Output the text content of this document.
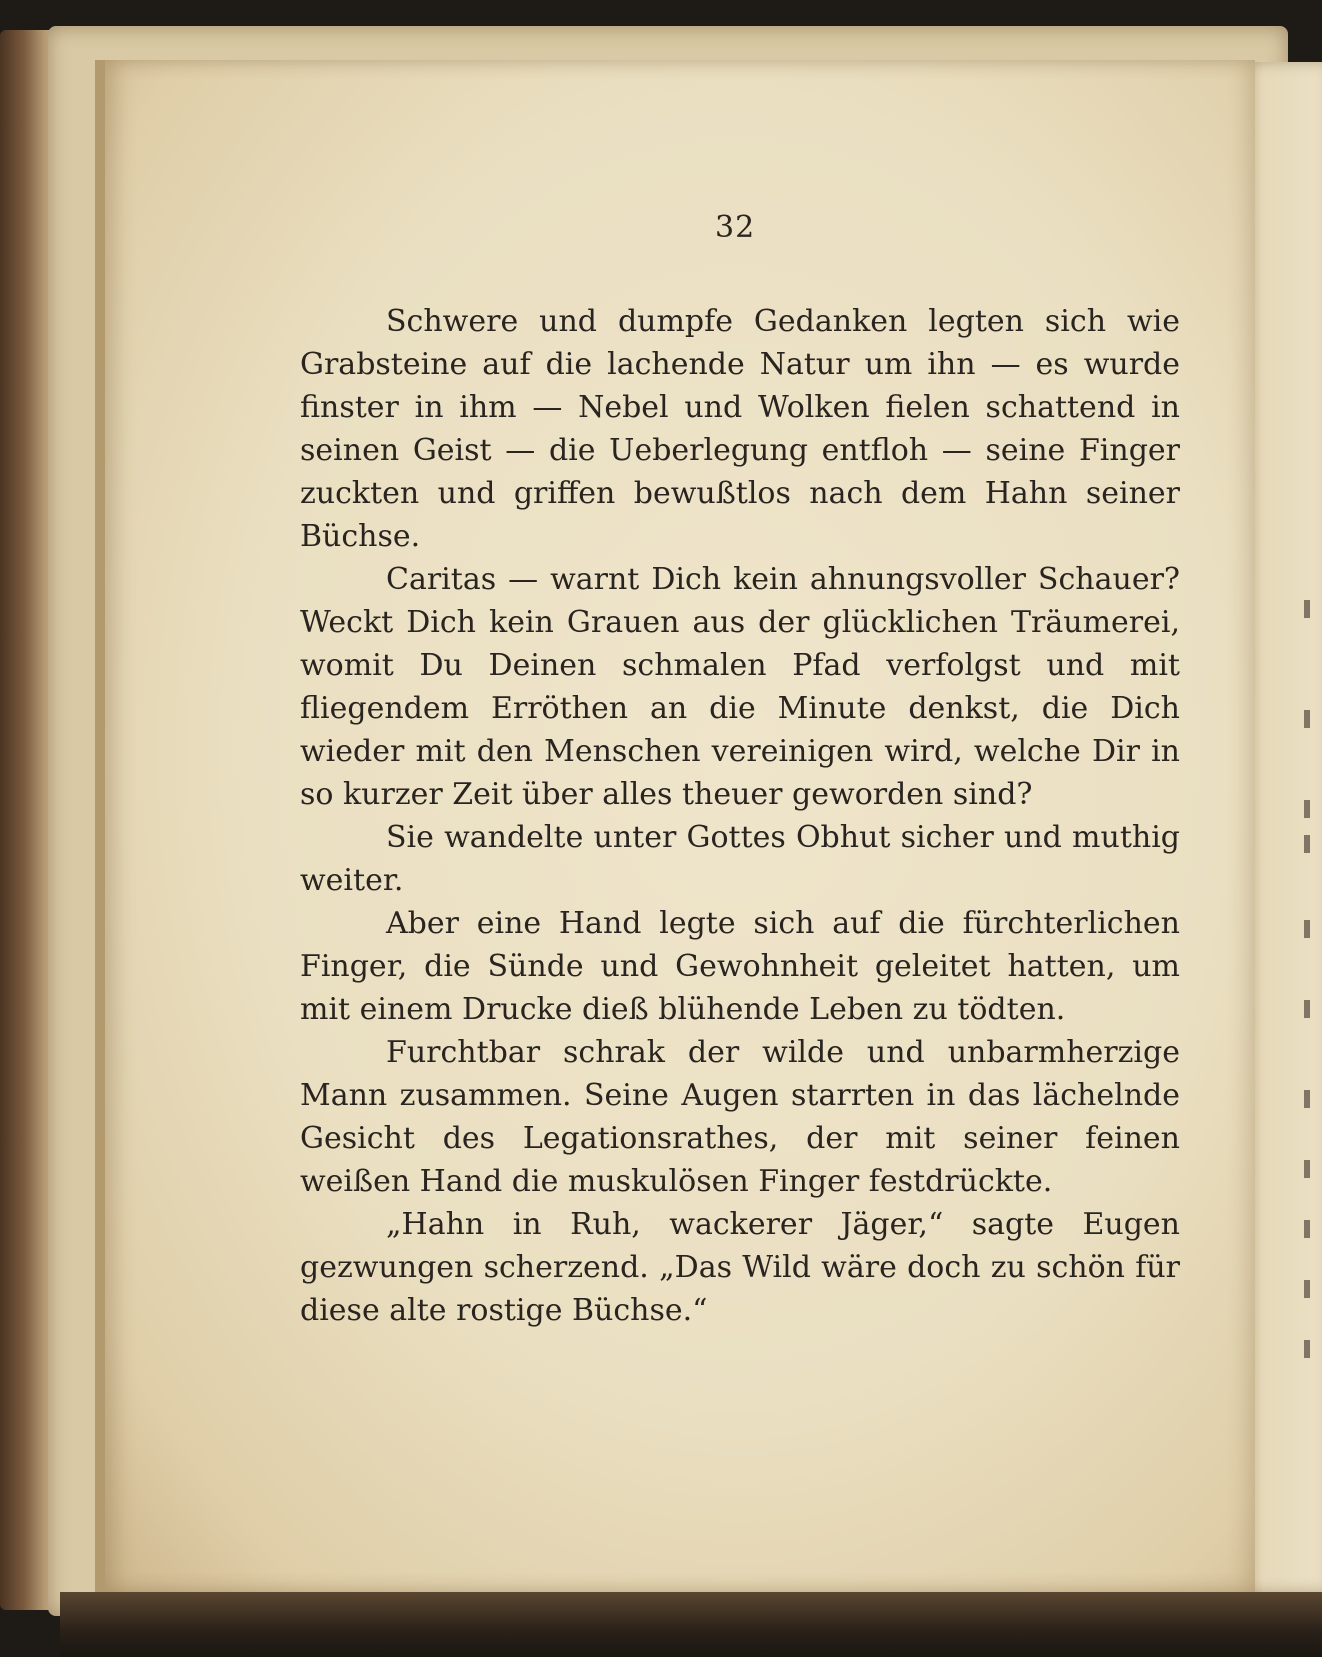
32

Schwere und dumpfe Gedanken legten sich wie Grabsteine auf die lachende Natur um ihn — es wurde finster in ihm — Nebel und Wolken fielen schattend in seinen Geist — die Ueberlegung entfloh — seine Finger zuckten und griffen bewußtlos nach dem Hahn seiner Büchse.

Caritas — warnt Dich kein ahnungsvoller Schauer? Weckt Dich kein Grauen aus der glücklichen Träumerei, womit Du Deinen schmalen Pfad verfolgst und mit fliegendem Erröthen an die Minute denkst, die Dich wieder mit den Menschen vereinigen wird, welche Dir in so kurzer Zeit über alles theuer geworden sind?

Sie wandelte unter Gottes Obhut sicher und muthig weiter.

Aber eine Hand legte sich auf die fürchterlichen Finger, die Sünde und Gewohnheit geleitet hatten, um mit einem Drucke dieß blühende Leben zu tödten.

Furchtbar schrak der wilde und unbarmherzige Mann zusammen. Seine Augen starrten in das lächelnde Gesicht des Legationsrathes, der mit seiner feinen weißen Hand die muskulösen Finger festdrückte.

„Hahn in Ruh, wackerer Jäger,“ sagte Eugen gezwungen scherzend. „Das Wild wäre doch zu schön für diese alte rostige Büchse.“
